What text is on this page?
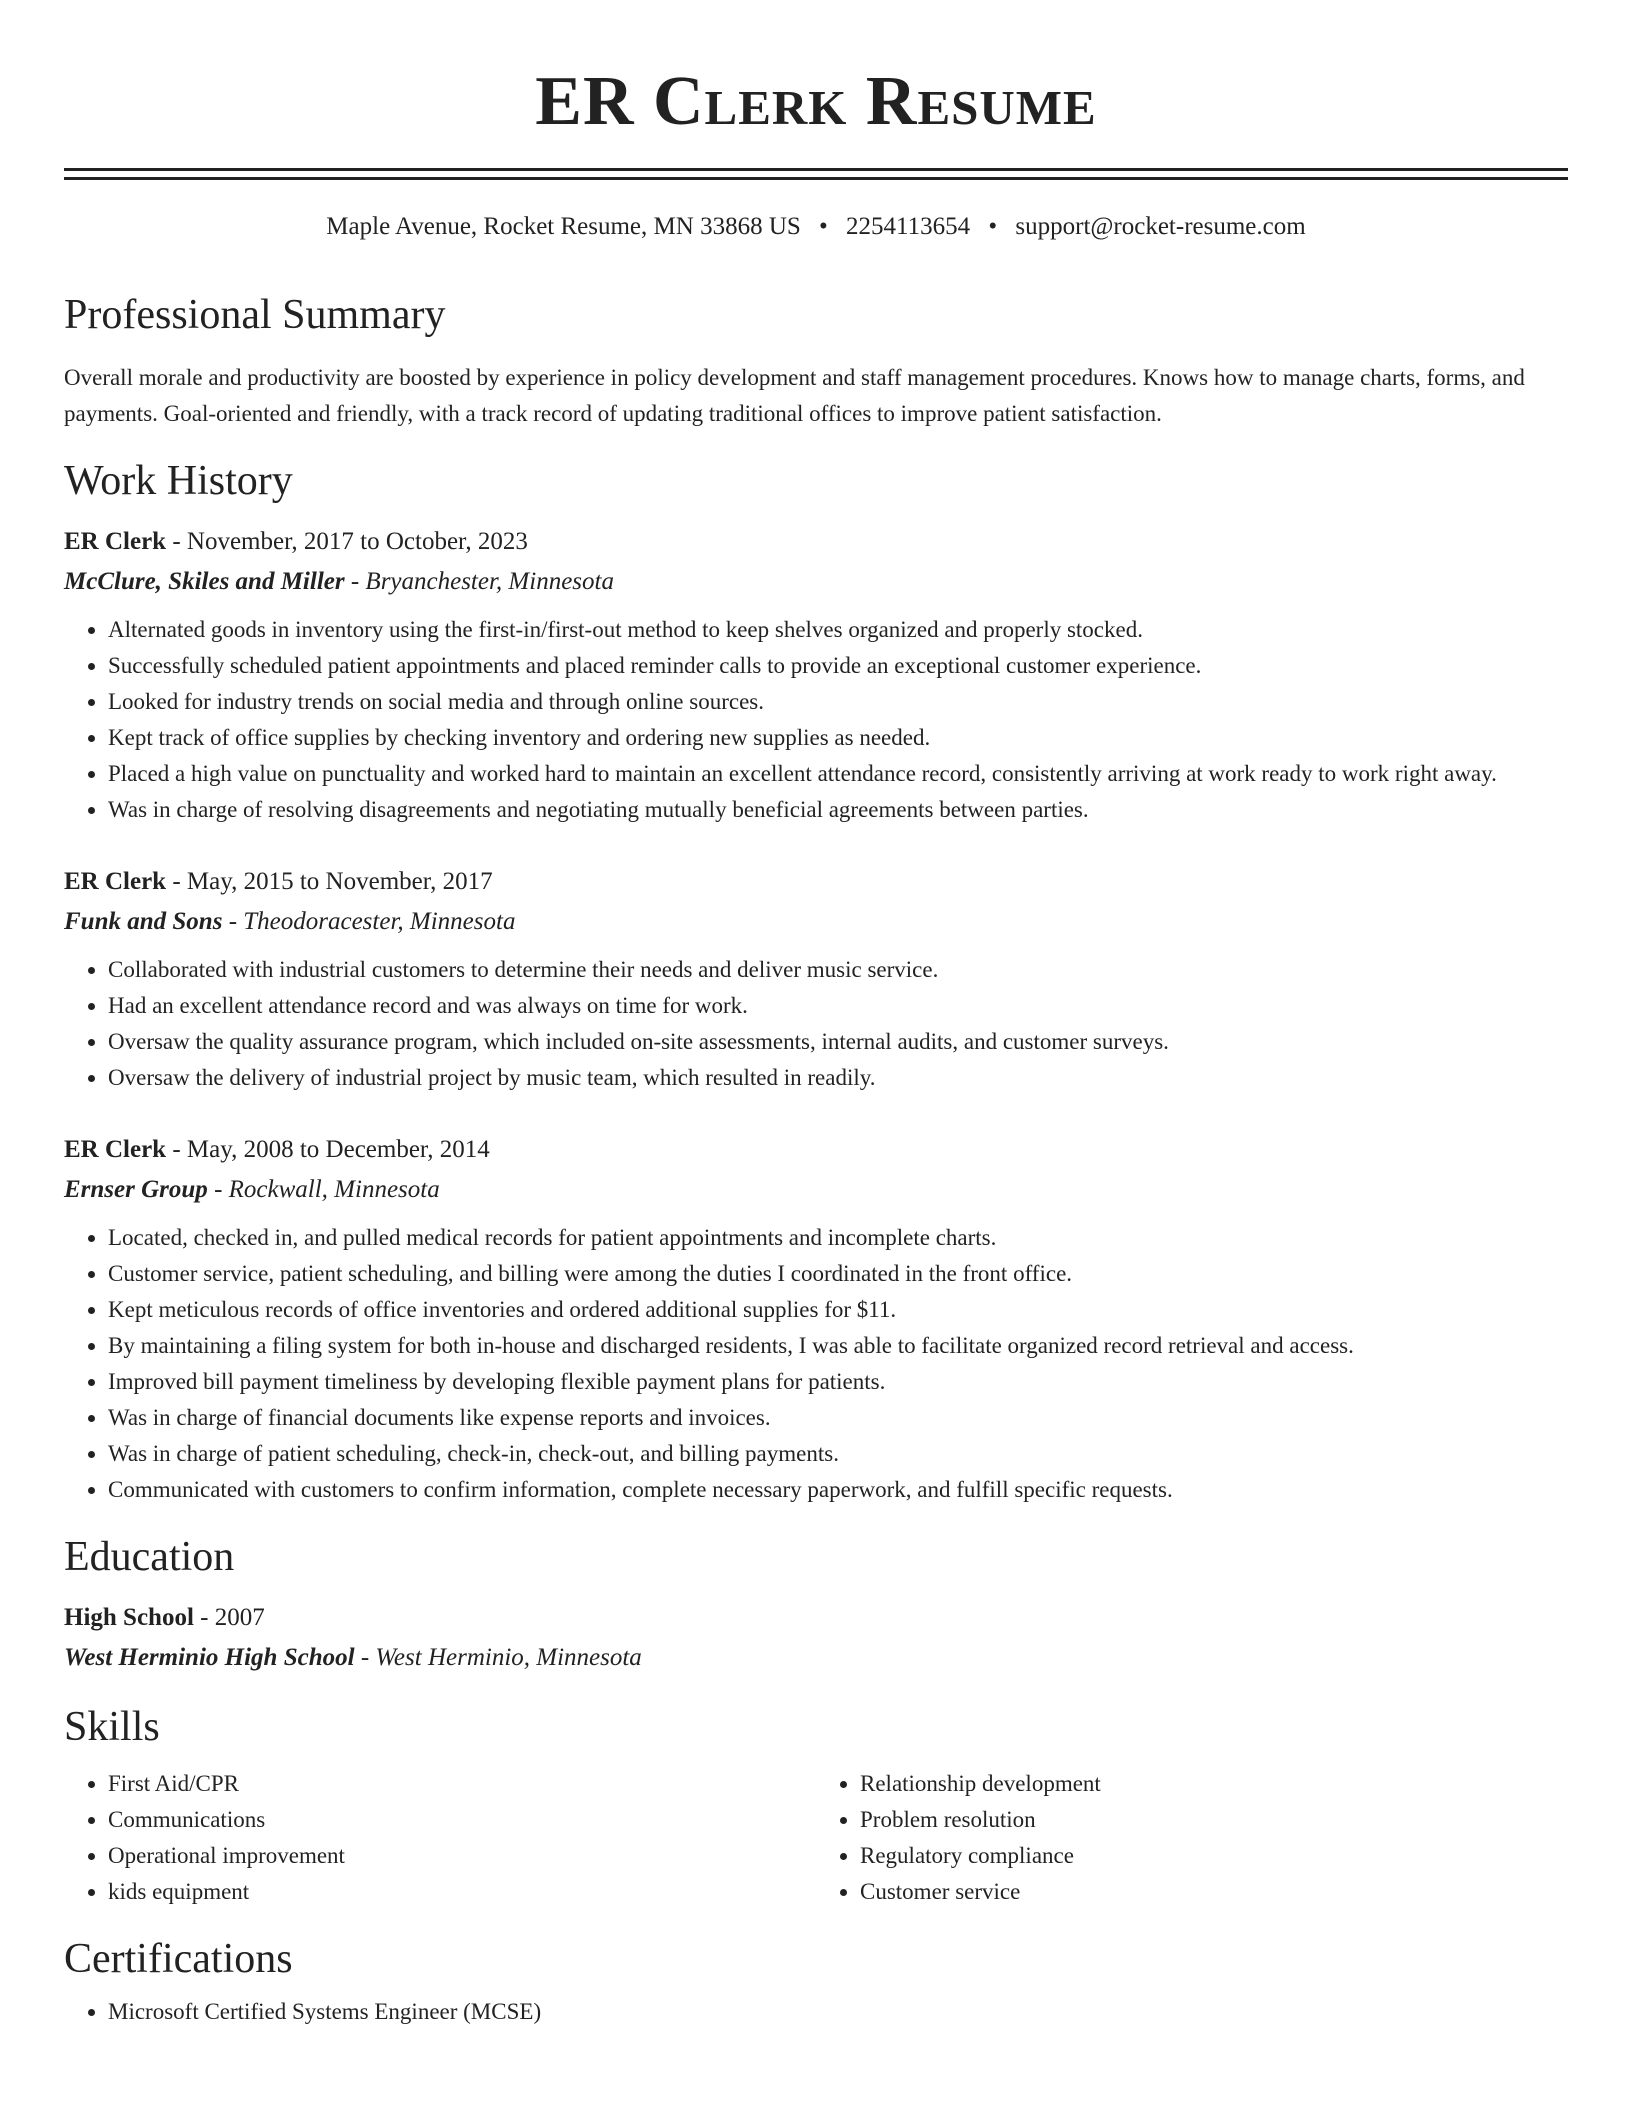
ER Clerk Resume
Maple Avenue, Rocket Resume, MN 33868 US • 2254113654 • support@rocket-resume.com
Professional Summary
Overall morale and productivity are boosted by experience in policy development and staff management procedures. Knows how to manage charts, forms, and payments. Goal-oriented and friendly, with a track record of updating traditional offices to improve patient satisfaction.
Work History
ER Clerk - November, 2017 to October, 2023
McClure, Skiles and Miller - Bryanchester, Minnesota
• Alternated goods in inventory using the first-in/first-out method to keep shelves organized and properly stocked.
• Successfully scheduled patient appointments and placed reminder calls to provide an exceptional customer experience.
• Looked for industry trends on social media and through online sources.
• Kept track of office supplies by checking inventory and ordering new supplies as needed.
• Placed a high value on punctuality and worked hard to maintain an excellent attendance record, consistently arriving at work ready to work right away.
• Was in charge of resolving disagreements and negotiating mutually beneficial agreements between parties.
ER Clerk - May, 2015 to November, 2017
Funk and Sons - Theodoracester, Minnesota
• Collaborated with industrial customers to determine their needs and deliver music service.
• Had an excellent attendance record and was always on time for work.
• Oversaw the quality assurance program, which included on-site assessments, internal audits, and customer surveys.
• Oversaw the delivery of industrial project by music team, which resulted in readily.
ER Clerk - May, 2008 to December, 2014
Ernser Group - Rockwall, Minnesota
• Located, checked in, and pulled medical records for patient appointments and incomplete charts.
• Customer service, patient scheduling, and billing were among the duties I coordinated in the front office.
• Kept meticulous records of office inventories and ordered additional supplies for $11.
• By maintaining a filing system for both in-house and discharged residents, I was able to facilitate organized record retrieval and access.
• Improved bill payment timeliness by developing flexible payment plans for patients.
• Was in charge of financial documents like expense reports and invoices.
• Was in charge of patient scheduling, check-in, check-out, and billing payments.
• Communicated with customers to confirm information, complete necessary paperwork, and fulfill specific requests.
Education
High School - 2007
West Herminio High School - West Herminio, Minnesota
Skills
• First Aid/CPR
• Communications
• Operational improvement
• kids equipment
• Relationship development
• Problem resolution
• Regulatory compliance
• Customer service
Certifications
• Microsoft Certified Systems Engineer (MCSE)
